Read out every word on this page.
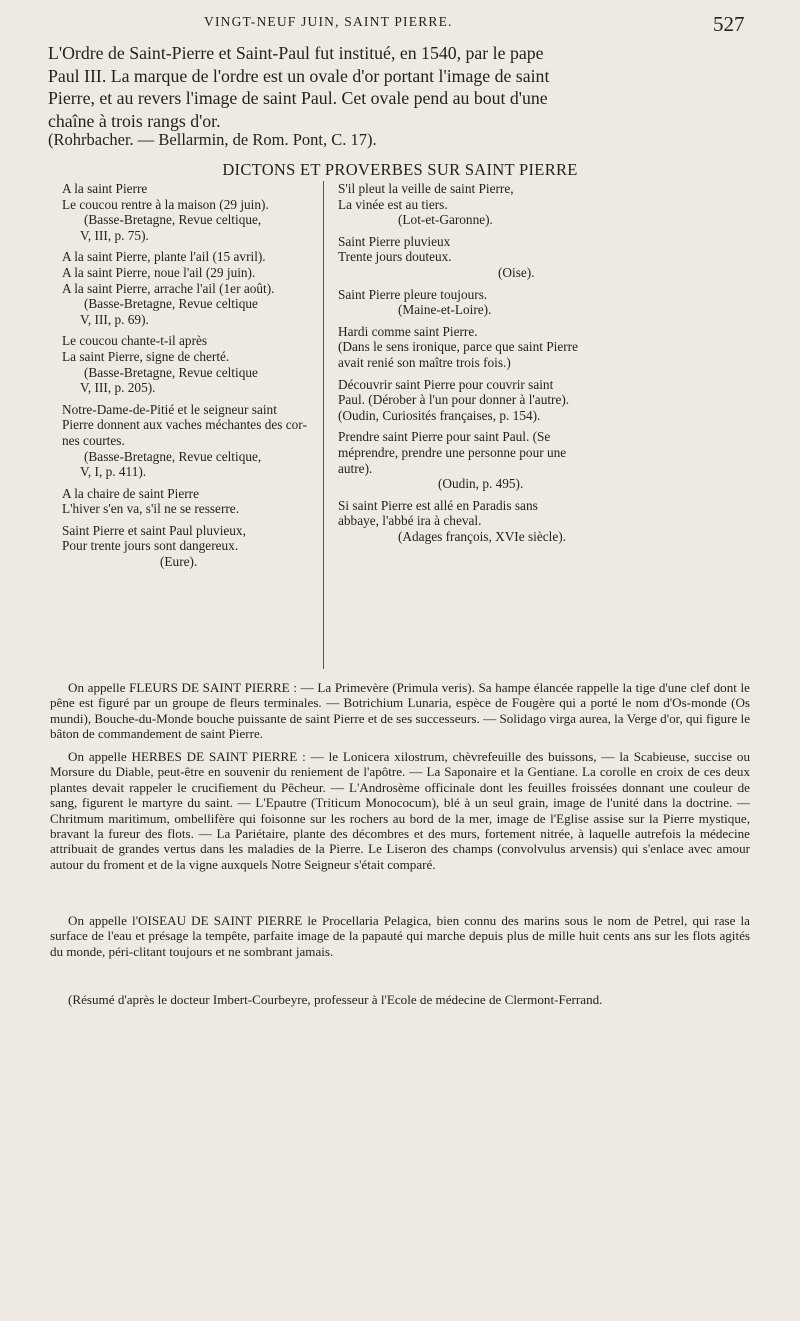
VINGT-NEUF JUIN, SAINT PIERRE.	527

L'Ordre de Saint-Pierre et Saint-Paul fut institué, en 1540, par le pape
Paul III. La marque de l'ordre est un ovale d'or portant l'image de saint
Pierre, et au revers l'image de saint Paul. Cet ovale pend au bout d'une
chaîne à trois rangs d'or.

(Rohrbacher. — Bellarmin, de Rom. Pont, C. 17).

DICTONS ET PROVERBES SUR SAINT PIERRE
A la saint Pierre
Le coucou rentre à la maison (29 juin).
(Basse-Bretagne, Revue celtique,
V, III, p. 75).
A la saint Pierre, plante l'ail (15 avril).
A la saint Pierre, noue l'ail (29 juin).
A la saint Pierre, arrache l'ail (1er août).
(Basse-Bretagne, Revue celtique
V, III, p. 69).
Le coucou chante-t-il après
La saint Pierre, signe de cherté.
(Basse-Bretagne, Revue celtique
V, III, p. 205).
Notre-Dame-de-Pitié et le seigneur saint
Pierre donnent aux vaches méchantes des cor-
nes courtes.
(Basse-Bretagne, Revue celtique,
V, I, p. 411).
A la chaire de saint Pierre
L'hiver s'en va, s'il ne se resserre.
Saint Pierre et saint Paul pluvieux,
Pour trente jours sont dangereux.
(Eure).
S'il pleut la veille de saint Pierre,
La vinée est au tiers.
(Lot-et-Garonne).
Saint Pierre pluvieux
Trente jours douteux.
(Oise).
Saint Pierre pleure toujours.
(Maine-et-Loire).
Hardi comme saint Pierre.
(Dans le sens ironique, parce que saint Pierre
avait renié son maître trois fois.)
Découvrir saint Pierre pour couvrir saint
Paul. (Dérober à l'un pour donner à l'autre).
(Oudin, Curiosités françaises, p. 154).
Prendre saint Pierre pour saint Paul. (Se
méprendre, prendre une personne pour une
autre).
(Oudin, p. 495).
Si saint Pierre est allé en Paradis sans
abbaye, l'abbé ira à cheval.
(Adages françois, XVIe siècle).

On appelle FLEURS DE SAINT PIERRE : — La Primevère (Primula veris). Sa hampe élancée rappelle la tige d'une clef dont le pêne est figuré par un groupe de fleurs terminales. — Botrichium Lunaria, espèce de Fougère qui a porté le nom d'Os-monde (Os mundi), Bouche-du-Monde bouche puissante de saint Pierre et de ses successeurs. — Solidago virga aurea, la Verge d'or, qui figure le bâton de commandement de saint Pierre.

On appelle HERBES DE SAINT PIERRE : — le Lonicera xilostrum, chèvrefeuille des buissons, — la Scabieuse, succise ou Morsure du Diable, peut-être en souvenir du reniement de l'apôtre. — La Saponaire et la Gentiane. La corolle en croix de ces deux plantes devait rappeler le crucifiement du Pêcheur. — L'Androsème officinale dont les feuilles froissées donnant une couleur de sang, figurent le martyre du saint. — L'Epautre (Triticum Monococum), blé à un seul grain, image de l'unité dans la doctrine. — Chritmum maritimum, ombellifère qui foisonne sur les rochers au bord de la mer, image de l'Eglise assise sur la Pierre mystique, bravant la fureur des flots. — La Pariétaire, plante des décombres et des murs, fortement nitrée, à laquelle autrefois la médecine attribuait de grandes vertus dans les maladies de la Pierre. Le Liseron des champs (convolvulus arvensis) qui s'enlace avec amour autour du froment et de la vigne auxquels Notre Seigneur s'était comparé.

On appelle l'OISEAU DE SAINT PIERRE le Procellaria Pelagica, bien connu des marins sous le nom de Petrel, qui rase la surface de l'eau et présage la tempête, parfaite image de la papauté qui marche depuis plus de mille huit cents ans sur les flots agités du monde, péri-clitant toujours et ne sombrant jamais.

(Résumé d'après le docteur Imbert-Courbeyre, professeur à l'Ecole de médecine de Clermont-Ferrand.
